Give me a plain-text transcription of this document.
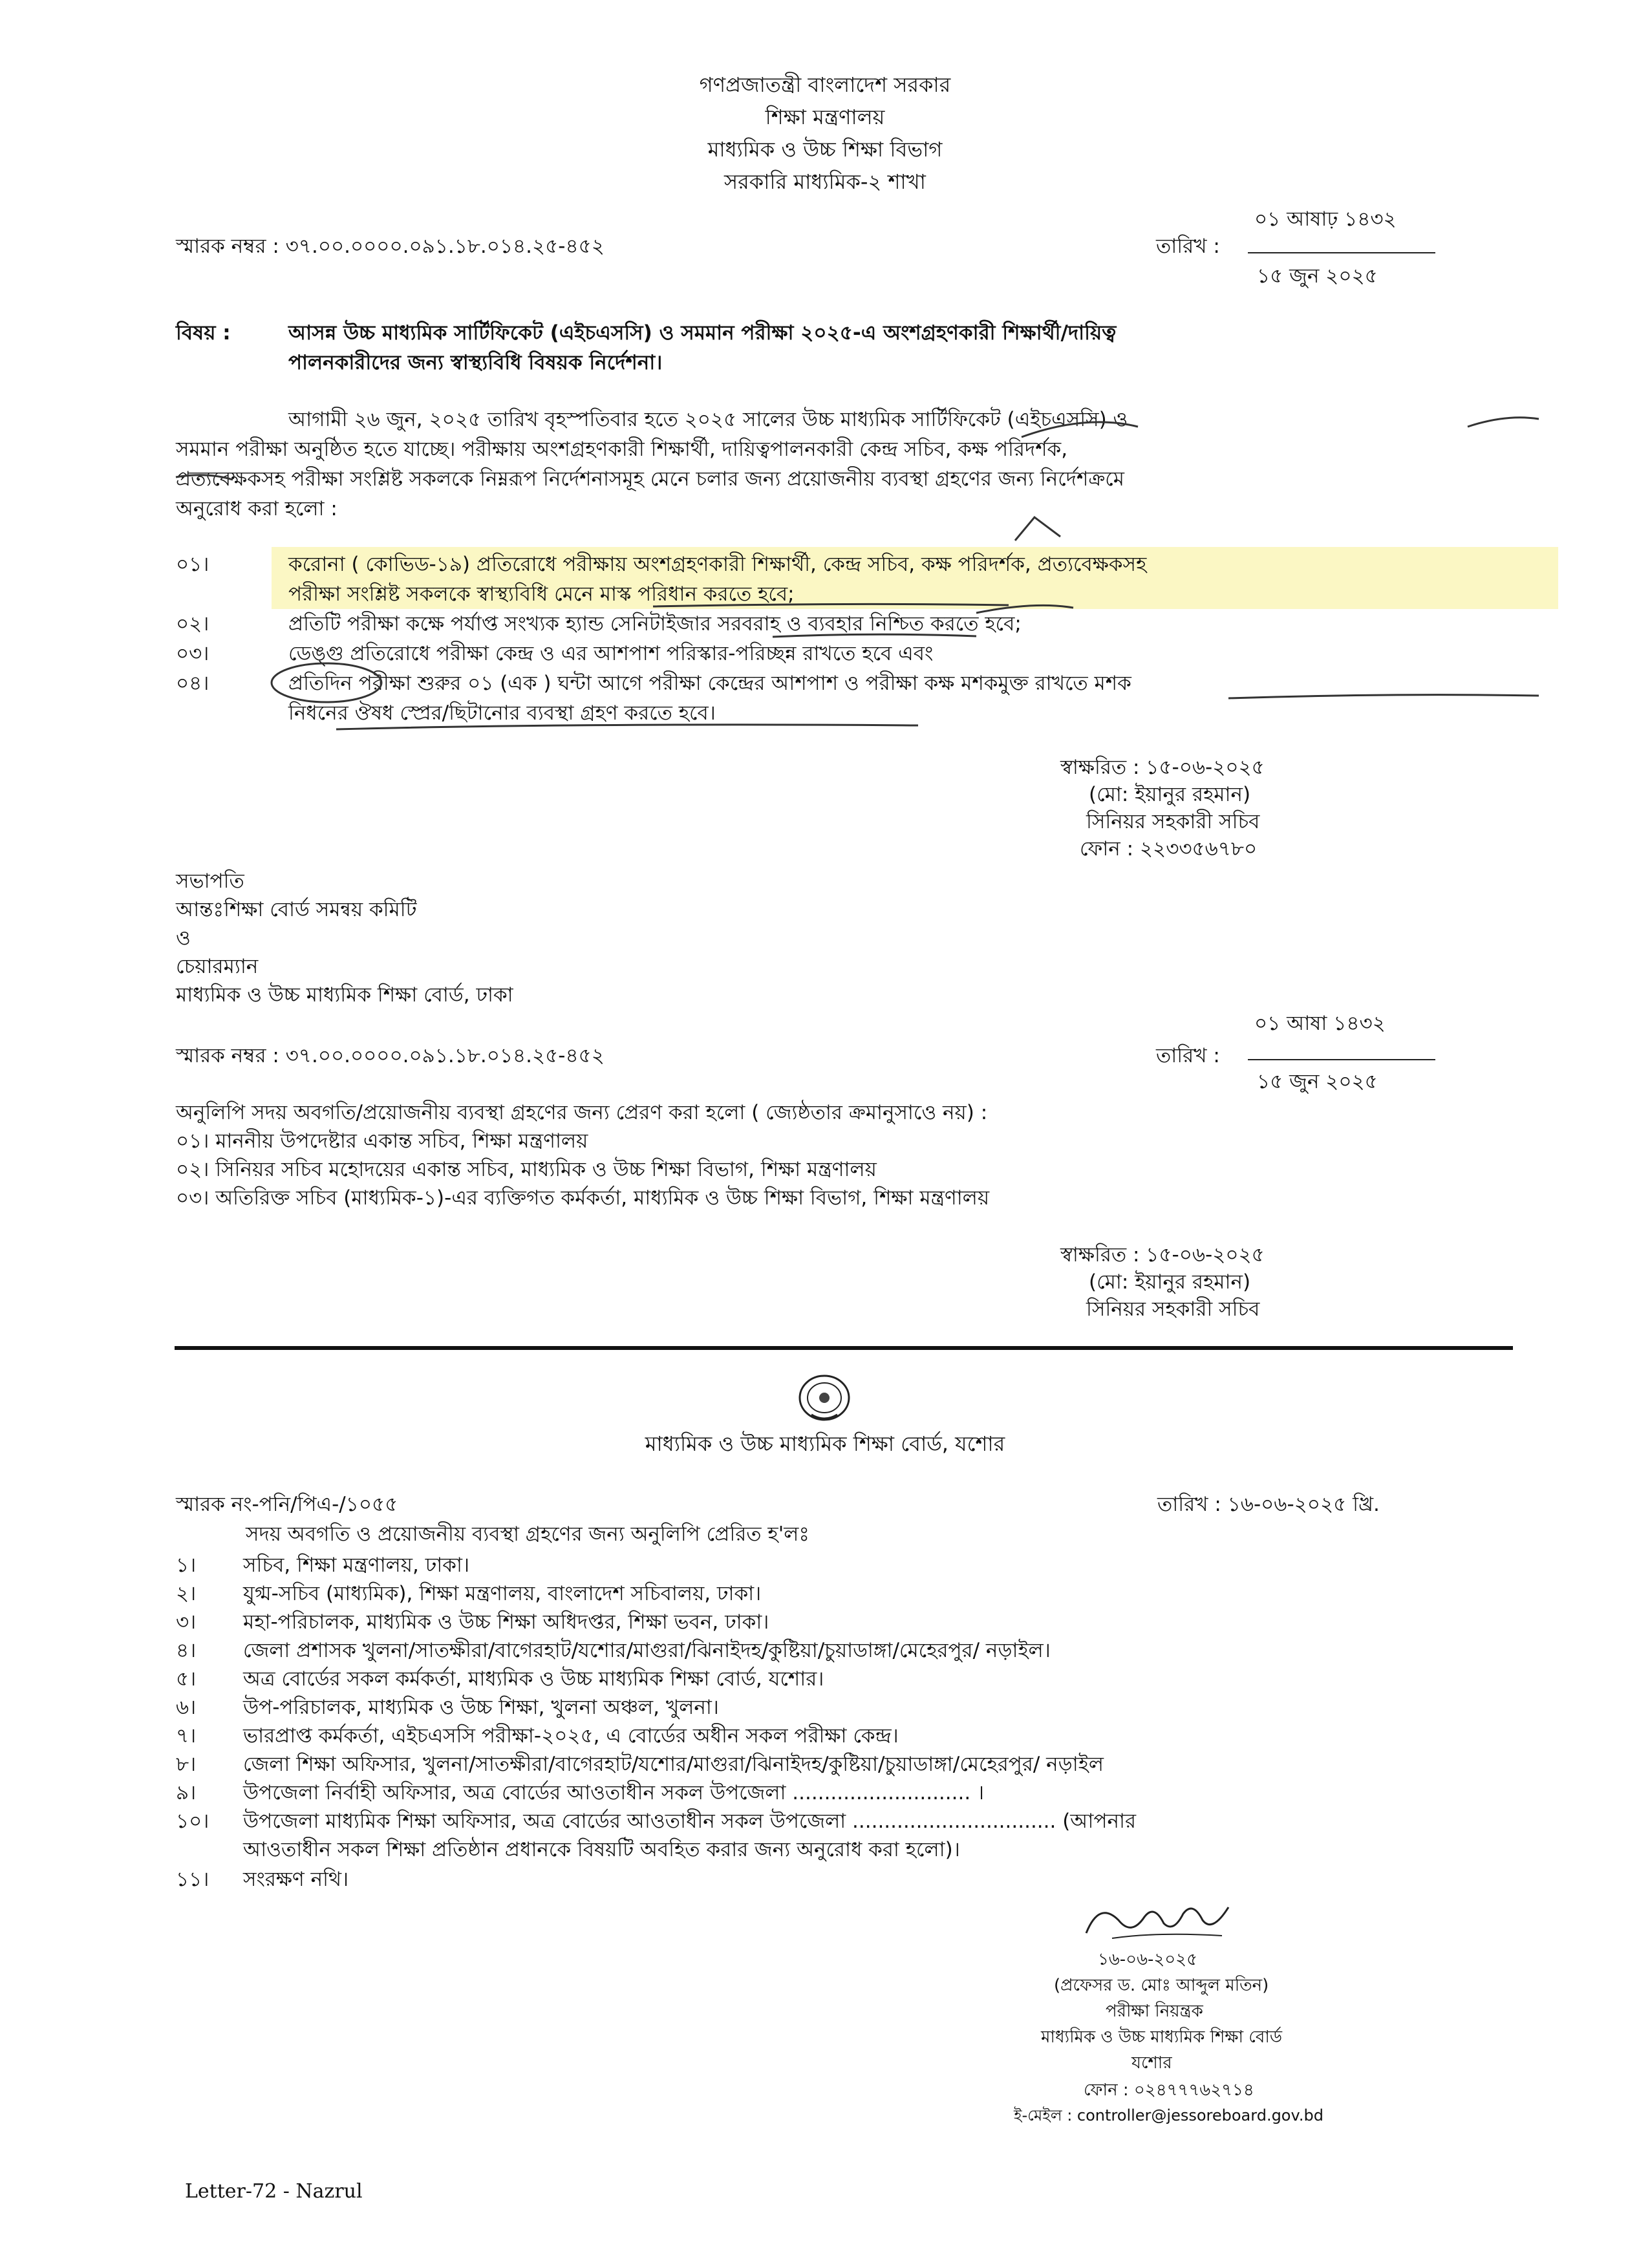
গণপ্রজাতন্ত্রী বাংলাদেশ সরকার
শিক্ষা মন্ত্রণালয়
মাধ্যমিক ও উচ্চ শিক্ষা বিভাগ
সরকারি মাধ্যমিক-২ শাখা
স্মারক নম্বর : ৩৭.০০.০০০০.০৯১.১৮.০১৪.২৫-৪৫২	তারিখ :
০১ আষাঢ় ১৪৩২
১৫ জুন ২০২৫
বিষয় :	আসন্ন উচ্চ মাধ্যমিক সার্টিফিকেট (এইচএসসি) ও সমমান পরীক্ষা ২০২৫-এ অংশগ্রহণকারী শিক্ষার্থী/দায়িত্ব
পালনকারীদের জন্য স্বাস্থ্যবিধি বিষয়ক নির্দেশনা।
আগামী ২৬ জুন, ২০২৫ তারিখ বৃহস্পতিবার হতে ২০২৫ সালের উচ্চ মাধ্যমিক সার্টিফিকেট (এইচএসসি) ও
সমমান পরীক্ষা অনুষ্ঠিত হতে যাচ্ছে। পরীক্ষায় অংশগ্রহণকারী শিক্ষার্থী, দায়িত্বপালনকারী কেন্দ্র সচিব, কক্ষ পরিদর্শক,
প্রত্যবেক্ষকসহ পরীক্ষা সংশ্লিষ্ট সকলকে নিম্নরূপ নির্দেশনাসমূহ মেনে চলার জন্য প্রয়োজনীয় ব্যবস্থা গ্রহণের জন্য নির্দেশক্রমে
অনুরোধ করা হলো :
০১।	করোনা ( কোভিড-১৯) প্রতিরোধে পরীক্ষায় অংশগ্রহণকারী শিক্ষার্থী, কেন্দ্র সচিব, কক্ষ পরিদর্শক, প্রত্যবেক্ষকসহ
পরীক্ষা সংশ্লিষ্ট সকলকে স্বাস্থ্যবিধি মেনে মাস্ক পরিধান করতে হবে;
০২।	প্রতিটি পরীক্ষা কক্ষে পর্যাপ্ত সংখ্যক হ্যান্ড সেনিটাইজার সরবরাহ ও ব্যবহার নিশ্চিত করতে হবে;
০৩।	ডেঙ্গু প্রতিরোধে পরীক্ষা কেন্দ্র ও এর আশপাশ পরিস্কার-পরিচ্ছন্ন রাখতে হবে এবং
০৪।	প্রতিদিন পরীক্ষা শুরুর ০১ (এক ) ঘন্টা আগে পরীক্ষা কেন্দ্রের আশপাশ ও পরীক্ষা কক্ষ মশকমুক্ত রাখতে মশক
নিধনের ঔষধ স্প্রের/ছিটানোর ব্যবস্থা গ্রহণ করতে হবে।
স্বাক্ষরিত : ১৫-০৬-২০২৫
(মো: ইয়ানুর রহমান)
সিনিয়র সহকারী সচিব
ফোন : ২২৩৩৫৬৭৮০
সভাপতি
আন্তঃশিক্ষা বোর্ড সমন্বয় কমিটি
ও
চেয়ারম্যান
মাধ্যমিক ও উচ্চ মাধ্যমিক শিক্ষা বোর্ড, ঢাকা
স্মারক নম্বর : ৩৭.০০.০০০০.০৯১.১৮.০১৪.২৫-৪৫২	তারিখ :
০১ আষা ১৪৩২
১৫ জুন ২০২৫
অনুলিপি সদয় অবগতি/প্রয়োজনীয় ব্যবস্থা গ্রহণের জন্য প্রেরণ করা হলো ( জ্যেষ্ঠতার ক্রমানুসাওে নয়) :
০১। মাননীয় উপদেষ্টার একান্ত সচিব, শিক্ষা মন্ত্রণালয়
০২। সিনিয়র সচিব মহোদয়ের একান্ত সচিব, মাধ্যমিক ও উচ্চ শিক্ষা বিভাগ, শিক্ষা মন্ত্রণালয়
০৩। অতিরিক্ত সচিব (মাধ্যমিক-১)-এর ব্যক্তিগত কর্মকর্তা, মাধ্যমিক ও উচ্চ শিক্ষা বিভাগ, শিক্ষা মন্ত্রণালয়
স্বাক্ষরিত : ১৫-০৬-২০২৫
(মো: ইয়ানুর রহমান)
সিনিয়র সহকারী সচিব
মাধ্যমিক ও উচ্চ মাধ্যমিক শিক্ষা বোর্ড, যশোর
স্মারক নং-পনি/পিএ-/১০৫৫	তারিখ : ১৬-০৬-২০২৫ খ্রি.
সদয় অবগতি ও প্রয়োজনীয় ব্যবস্থা গ্রহণের জন্য অনুলিপি প্রেরিত হ'লঃ
১। সচিব, শিক্ষা মন্ত্রণালয়, ঢাকা।
২। যুগ্ম-সচিব (মাধ্যমিক), শিক্ষা মন্ত্রণালয়, বাংলাদেশ সচিবালয়, ঢাকা।
৩। মহা-পরিচালক, মাধ্যমিক ও উচ্চ শিক্ষা অধিদপ্তর, শিক্ষা ভবন, ঢাকা।
৪। জেলা প্রশাসক খুলনা/সাতক্ষীরা/বাগেরহাট/যশোর/মাগুরা/ঝিনাইদহ/কুষ্টিয়া/চুয়াডাঙ্গা/মেহেরপুর/ নড়াইল।
৫। অত্র বোর্ডের সকল কর্মকর্তা, মাধ্যমিক ও উচ্চ মাধ্যমিক শিক্ষা বোর্ড, যশোর।
৬। উপ-পরিচালক, মাধ্যমিক ও উচ্চ শিক্ষা, খুলনা অঞ্চল, খুলনা।
৭। ভারপ্রাপ্ত কর্মকর্তা, এইচএসসি পরীক্ষা-২০২৫, এ বোর্ডের অধীন সকল পরীক্ষা কেন্দ্র।
৮। জেলা শিক্ষা অফিসার, খুলনা/সাতক্ষীরা/বাগেরহাট/যশোর/মাগুরা/ঝিনাইদহ/কুষ্টিয়া/চুয়াডাঙ্গা/মেহেরপুর/ নড়াইল
৯। উপজেলা নির্বাহী অফিসার, অত্র বোর্ডের আওতাধীন সকল উপজেলা ............................ ।
১০। উপজেলা মাধ্যমিক শিক্ষা অফিসার, অত্র বোর্ডের আওতাধীন সকল উপজেলা ................................ (আপনার
আওতাধীন সকল শিক্ষা প্রতিষ্ঠান প্রধানকে বিষয়টি অবহিত করার জন্য অনুরোধ করা হলো)।
১১। সংরক্ষণ নথি।
১৬-০৬-২০২৫
(প্রফেসর ড. মোঃ আব্দুল মতিন)
পরীক্ষা নিয়ন্ত্রক
মাধ্যমিক ও উচ্চ মাধ্যমিক শিক্ষা বোর্ড
যশোর
ফোন : ০২৪৭৭৭৬২৭১৪
ই-মেইল : controller@jessoreboard.gov.bd
Letter-72 - Nazrul
